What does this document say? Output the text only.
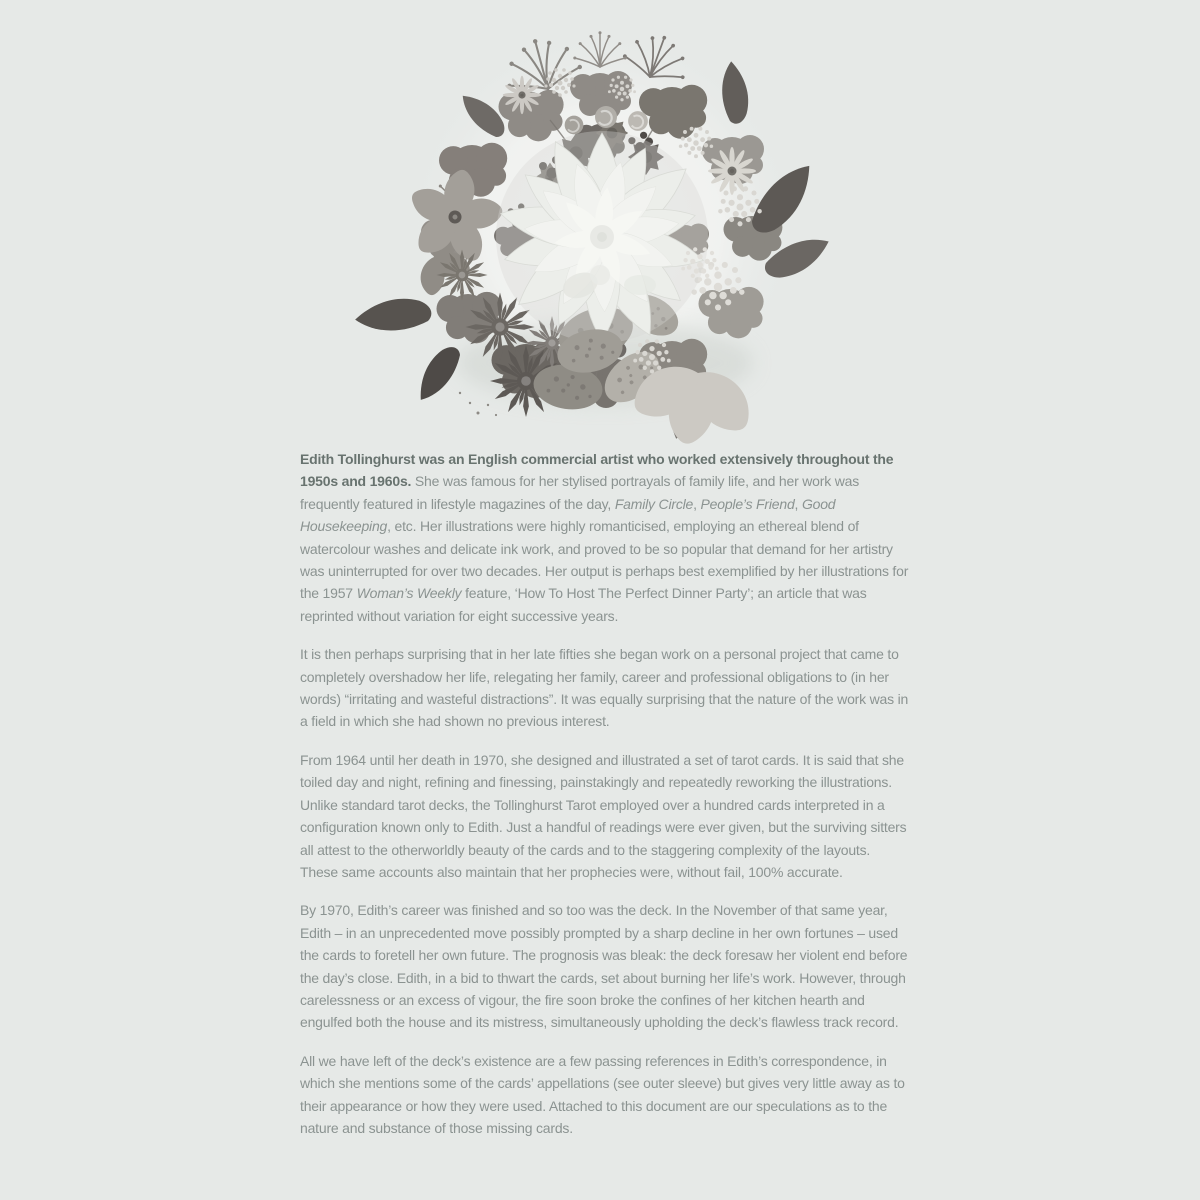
Edith Tollinghurst was an English commercial artist who worked extensively throughout the 1950s and 1960s. She was famous for her stylised portrayals of family life, and her work was frequently featured in lifestyle magazines of the day, Family Circle, People’s Friend, Good Housekeeping, etc. Her illustrations were highly romanticised, employing an ethereal blend of watercolour washes and delicate ink work, and proved to be so popular that demand for her artistry was uninterrupted for over two decades. Her output is perhaps best exemplified by her illustrations for the 1957 Woman’s Weekly feature, ‘How To Host The Perfect Dinner Party’; an article that was reprinted without variation for eight successive years.

It is then perhaps surprising that in her late fifties she began work on a personal project that came to completely overshadow her life, relegating her family, career and professional obligations to (in her words) “irritating and wasteful distractions”. It was equally surprising that the nature of the work was in a field in which she had shown no previous interest.

From 1964 until her death in 1970, she designed and illustrated a set of tarot cards. It is said that she toiled day and night, refining and finessing, painstakingly and repeatedly reworking the illustrations. Unlike standard tarot decks, the Tollinghurst Tarot employed over a hundred cards interpreted in a configuration known only to Edith. Just a handful of readings were ever given, but the surviving sitters all attest to the otherworldly beauty of the cards and to the staggering complexity of the layouts. These same accounts also maintain that her prophecies were, without fail, 100% accurate.

By 1970, Edith’s career was finished and so too was the deck. In the November of that same year, Edith – in an unprecedented move possibly prompted by a sharp decline in her own fortunes – used the cards to foretell her own future. The prognosis was bleak: the deck foresaw her violent end before the day’s close. Edith, in a bid to thwart the cards, set about burning her life’s work. However, through carelessness or an excess of vigour, the fire soon broke the confines of her kitchen hearth and engulfed both the house and its mistress, simultaneously upholding the deck’s flawless track record.

All we have left of the deck’s existence are a few passing references in Edith’s correspondence, in which she mentions some of the cards’ appellations (see outer sleeve) but gives very little away as to their appearance or how they were used. Attached to this document are our speculations as to the nature and substance of those missing cards.
